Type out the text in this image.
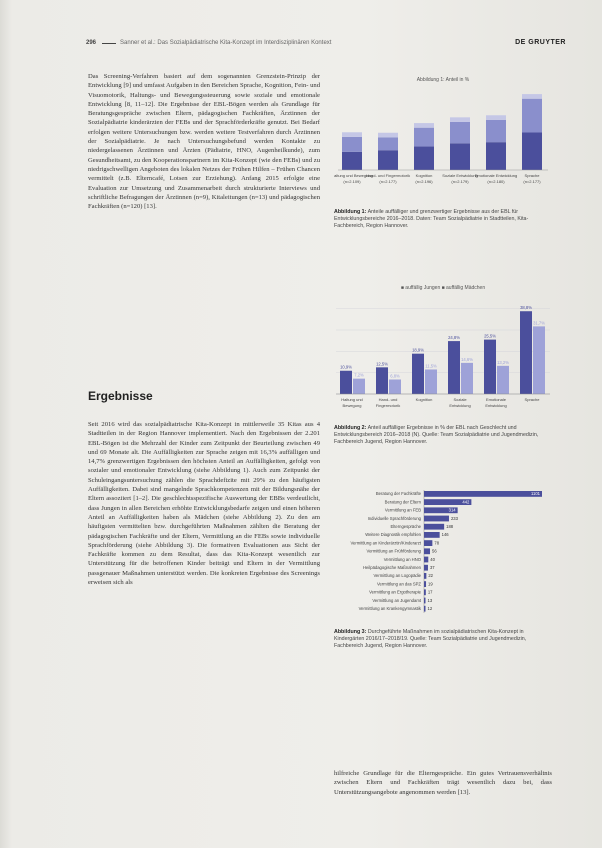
296	Sanner et al.: Das Sozialpädiatrische Kita-Konzept im Interdisziplinären Kontext	DE GRUYTER

Das Screening-Verfahren basiert auf dem sogenannten Grenzstein-Prinzip der Entwicklung [9] und umfasst Aufgaben in den Bereichen Sprache, Kognition, Fein- und Visuomotorik, Haltungs- und Bewegungssteuerung sowie soziale und emotionale Entwicklung [8, 11–12]. Die Ergebnisse der EBL-Bögen werden als Grundlage für Beratungsgespräche zwischen Eltern, pädagogischen Fachkräften, Ärztinnen der Sozialpädiatrie kinderärzten der FEBs und der Sprachförderkräfte genutzt. Bei Bedarf erfolgen weitere Untersuchungen bzw. werden weitere Testverfahren durch Ärztinnen der Sozialpädiatrie. Je nach Untersuchungsbefund werden Kontakte zu niedergelassenen Ärztinnen und Ärzten (Pädiatrie, HNO, Augenheilkunde), zum Gesundheitsamt, zu den Kooperationspartnern im Kita-Konzept (wie den FEBs) und zu niedrigschwelligen Angeboten des lokalen Netzes der Frühen Hilfen – Frühen Chancen vermittelt (z.B. Elterncafé, Lotsen zur Erziehung). Anfang 2015 erfolgte eine Evaluation zur Umsetzung und Zusammenarbeit durch strukturierte Interviews und schriftliche Befragungen der Ärztinnen (n=9), Kitaleitungen (n=13) und pädagogischen Fachkräften (n=120) [13].

Ergebnisse

Seit 2016 wird das sozialpädiatrische Kita-Konzept in mittlerweile 35 Kitas aus 4 Stadtteilen in der Region Hannover implementiert. Nach den Ergebnissen der 2.201 EBL-Bögen ist die Mehrzahl der Kinder zum Zeitpunkt der Beurteilung zwischen 49 und 69 Monate alt. Die Auffälligkeiten zur Sprache zeigen mit 16,3% auffälligen und 14,7% grenzwertigen Ergebnissen den höchsten Anteil an Auffälligkeiten, gefolgt von sozialer und emotionaler Entwicklung (siehe Abbildung 1). Auch zum Zeitpunkt der Schuleingangsuntersuchung zählen die Sprachdefizite mit 29% zu den häufigsten Auffälligkeiten. Dabei sind mangelnde Sprachkompetenzen mit der Bildungsnähe der Eltern assoziiert [1–2]. Die geschlechtsspezifische Auswertung der EBBs verdeutlicht, dass Jungen in allen Bereichen erhöhte Entwicklungsbedarfe zeigen und einen höheren Anteil an Auffälligkeiten haben als Mädchen (siehe Abbildung 2). Zu den am häufigsten vermittelten bzw. durchgeführten Maßnahmen zählten die Beratung der pädagogischen Fachkräfte und der Eltern, Vermittlung an die FEBs sowie individuelle Sprachförderung (siehe Abbildung 3). Die formativen Evaluationen aus Sicht der Fachkräfte kommen zu dem Resultat, dass das Kita-Konzept wesentlich zur Unterstützung für die betroffenen Kinder beiträgt und Eltern in der Vermittlung passgenauer Maßnahmen unterstützt werden. Die konkreten Ergebnisse des Screenings erweisen sich als

Abbildung 1: Anteil in %
Haltung und Bewegung
(n=2.109)
Hand- und Fingermotorik
(n=2.177)
Kognition
(n=2.196)
Soziale Entwicklung
(n=2.179)
Emotionale Entwicklung
(n=2.180)
Sprache
(n=2.177)

Abbildung 1: Anteile auffälliger und grenzwertiger Ergebnisse aus der EBL für Entwicklungsbereiche 2016–2018. Daten: Team Sozialpädiatrie in Stadtteilen, Kita-Fachbereich, Region Hannover.

■ auffällig Jungen ■ auffällig Mädchen
10,9%
7,2%
Haltung und
Bewegung
12,5%
6,8%
Hand- und
Fingermotorik
18,9%
11,5%
Kognition
24,8%
14,6%
Soziale
Entwicklung
25,5%
13,2%
Emotionale
Entwicklung
38,8%
31,7%
Sprache

Abbildung 2: Anteil auffälliger Ergebnisse in % der EBL nach Geschlecht und Entwicklungsbereich 2016–2018 (N). Quelle: Team Sozialpädiatrie und Jugendmedizin, Fachbereich Jugend, Region Hannover.

Beratung der Fachkräfte	1101
Beratung der Eltern	442
Vermittlung an FEB	314
Individuelle Sprachförderung	233
Elterngespräche	188
Weitere Diagnostik empfohlen	146
Vermittlung an Kinderärztin/Kinderarzt	78
Vermittlung an Frühförderung	56
Vermittlung an HNO 40
Heilpädagogische Maßnahmen 37
Vermittlung an Logopädie 22
Vermittlung an das SPZ 19
Vermittlung an Ergotherapie 17
Vermittlung an Jugendamt 13
Vermittlung an Krankengymnastik 12

Abbildung 3: Durchgeführte Maßnahmen im sozialpädiatrischen Kita-Konzept in Kindergärten 2016/17–2018/19. Quelle: Team Sozialpädiatrie und Jugendmedizin, Fachbereich Jugend, Region Hannover.

hilfreiche Grundlage für die Elterngespräche. Ein gutes Vertrauensverhältnis zwischen Eltern und Fachkräften trägt wesentlich dazu bei, dass Unterstützungsangebote angenommen werden [13].
